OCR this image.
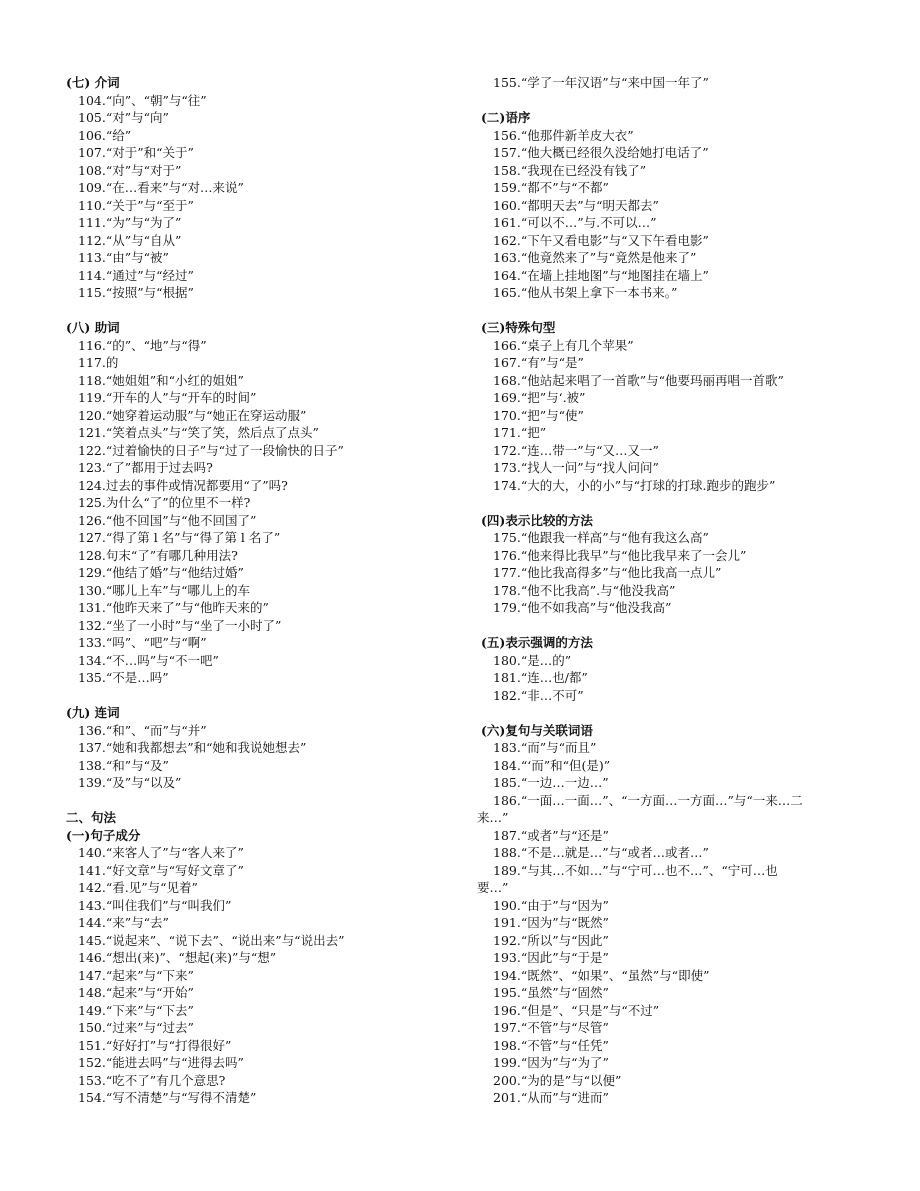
(七) 介词
104.“向”、“朝”与“往”
105.“对”与“向”
106.“给”
107.“对于”和“关于”
108.“对”与“对于”
109.“在…看来”与“对…来说”
110.“关于”与“至于”
111.“为”与“为了”
112.“从”与“自从”
113.“由”与“被”
114.“通过”与“经过”
115.“按照”与“根据”
(八) 助词
116.“的”、“地”与“得”
117.的
118.“她姐姐”和“小红的姐姐”
119.“开车的人”与“开车的时间”
120.“她穿着运动服”与“她正在穿运动服”
121.“笑着点头”与“笑了笑，然后点了点头”
122.“过着愉快的日子”与“过了一段愉快的日子”
123.“了”都用于过去吗?
124.过去的事件或情况都要用“了”吗?
125.为什么“了”的位里不一样?
126.“他不回国”与“他不回国了”
127.“得了第 l 名”与“得了第 l 名了”
128.句末“了”有哪几种用法?
129.“他结了婚”与“他结过婚”
130.“哪儿上车”与“哪儿上的车
131.“他昨天来了”与“他昨天来的”
132.“坐了一小时”与“坐了一小时了”
133.“吗”、“吧”与“啊”
134.“不…吗”与“不一吧”
135.“不是…吗”
(九) 连词
136.“和”、“而”与“并”
137.“她和我都想去”和“她和我说她想去”
138.“和”与“及”
139.“及”与“以及”
二、句法
(一)句子成分
140.“来客人了”与“客人来了”
141.“好文章”与“写好文章了”
142.“看.见”与“见着”
143.“叫住我们”与“叫我们”
144.“来”与“去”
145.“说起来”、“说下去”、“说出来”与“说出去”
146.“想出(来)”、“想起(来)”与“想”
147.“起来”与“下来”
148.“起来”与“开始”
149.“下来”与“下去”
150.“过来”与“过去”
151.“好好打”与“打得很好”
152.“能进去吗”与“进得去吗”
153.“吃不了”有几个意思?
154.“写不清楚”与“写得不清楚”
155.“学了一年汉语”与“来中国一年了”
(二)语序
156.“他那件新羊皮大衣”
157.“他大概已经很久没给她打电话了”
158.“我现在已经没有钱了”
159.“都不”与“不都”
160.“都明天去”与“明天都去”
161.“可以不…”与.不可以…”
162.“下午又看电影”与“又下午看电影”
163.“他竟然来了”与“竟然是他来了”
164.“在墙上挂地图”与“地图挂在墙上”
165.“他从书架上拿下一本书来。”
(三)特殊句型
166.“桌子上有几个苹果”
167.“有”与“是”
168.“他站起来唱了一首歌”与“他要玛丽再唱一首歌”
169.“把”与‘.被”
170.“把”与“使”
171.“把”
172.“连…带一”与“又…又一”
173.“找人一问”与“找人问问”
174.“大的大，小的小”与“打球的打球.跑步的跑步”
(四)表示比较的方法
175.“他跟我一样高”与“他有我这么高”
176.“他来得比我早”与“他比我早来了一会儿”
177.“他比我高得多”与“他比我高一点儿”
178.“他不比我高”.与“他没我高”
179.“他不如我高”与“他没我高”
(五)表示强调的方法
180.“是…的”
181.“连…也/都”
182.“非…不可”
(六)复句与关联词语
183.“而”与“而且”
184.“‘而”和“但(是)”
185.“一边…一边…”
186.“一面…一面…”、“一方面…一方面…”与“一来…二
来…”
187.“或者”与“还是”
188.“不是…就是…”与“或者…或者…”
189.“与其…不如…”与“宁可…也不…”、“宁可…也
要…”
190.“由于”与“因为”
191.“因为”与“既然”
192.“所以”与“因此”
193.“因此”与“于是”
194.“既然”、“如果”、“虽然”与“即使”
195.“虽然”与“固然”
196.“但是”、“只是”与“不过”
197.“不管”与“尽管”
198.“不管”与“任凭”
199.“因为”与“为了”
200.“为的是”与“以便”
201.“从而”与“进而”
